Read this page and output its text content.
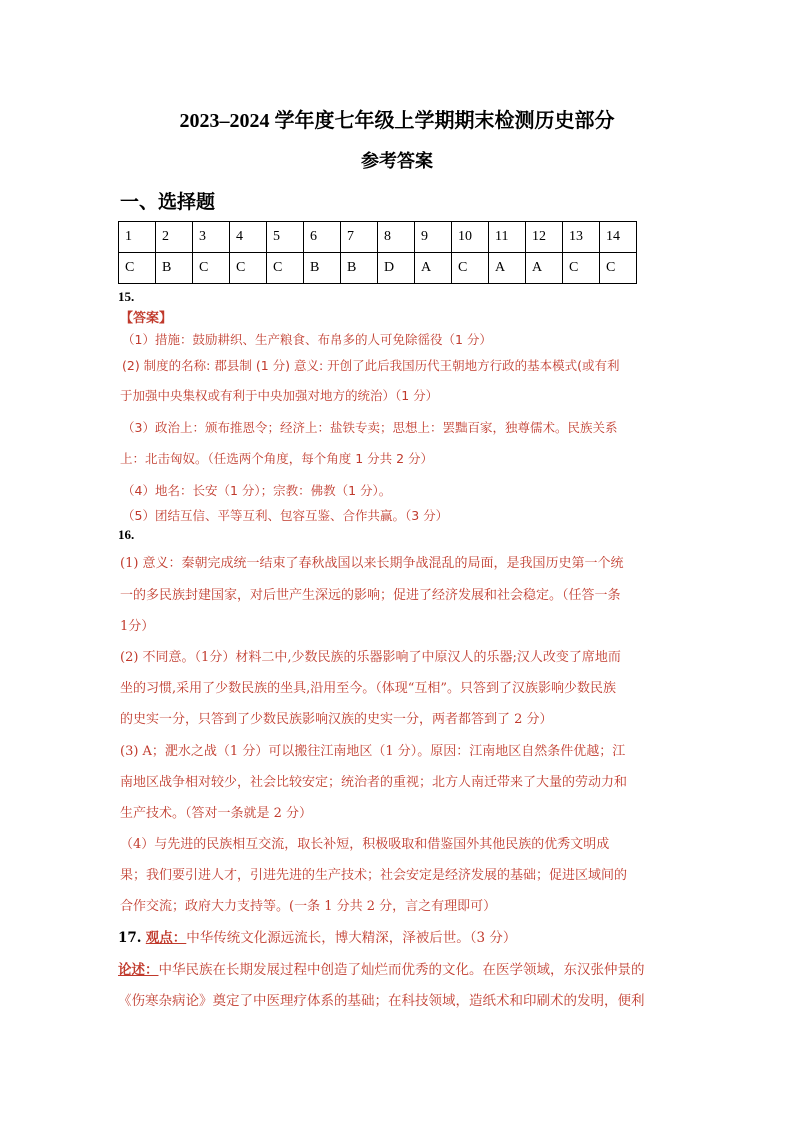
2023–2024 学年度七年级上学期期末检测历史部分
参考答案
一、选择题
1	2	3	4	5	6	7	8	9	10	11	12	13	14
C	B	C	C	C	B	B	D	A	C	A	A	C	C
15.
【答案】
（1）措施：鼓励耕织、生产粮食、布帛多的人可免除徭役（1 分）
(2) 制度的名称: 郡县制 (1 分) 意义: 开创了此后我国历代王朝地方行政的基本模式(或有利
于加强中央集权或有利于中央加强对地方的统治）（1 分）
（3）政治上：颁布推恩令；经济上：盐铁专卖；思想上：罢黜百家，独尊儒术。民族关系
上：北击匈奴。（任选两个角度，每个角度 1 分共 2 分）
（4）地名：长安（1 分）；宗教：佛教（1 分）。
（5）团结互信、平等互利、包容互鉴、合作共赢。（3 分）
16.
(1) 意义：秦朝完成统一结束了春秋战国以来长期争战混乱的局面，是我国历史第一个统
一的多民族封建国家，对后世产生深远的影响；促进了经济发展和社会稳定。（任答一条
1分）
(2) 不同意。（1分）材料二中,少数民族的乐器影响了中原汉人的乐器;汉人改变了席地而
坐的习惯,采用了少数民族的坐具,沿用至今。（体现“互相”。只答到了汉族影响少数民族
的史实一分，只答到了少数民族影响汉族的史实一分，两者都答到了 2 分）
(3) A；淝水之战（1 分）可以搬往江南地区（1 分）。原因：江南地区自然条件优越；江
南地区战争相对较少，社会比较安定；统治者的重视；北方人南迁带来了大量的劳动力和
生产技术。（答对一条就是 2 分）
（4）与先进的民族相互交流，取长补短，积极吸取和借鉴国外其他民族的优秀文明成
果；我们要引进人才，引进先进的生产技术；社会安定是经济发展的基础；促进区域间的
合作交流；政府大力支持等。(一条 1 分共 2 分，言之有理即可）
17. 观点：中华传统文化源远流长，博大精深，泽被后世。（3 分）
论述：中华民族在长期发展过程中创造了灿烂而优秀的文化。在医学领域，东汉张仲景的
《伤寒杂病论》奠定了中医理疗体系的基础；在科技领域，造纸术和印刷术的发明，便利
